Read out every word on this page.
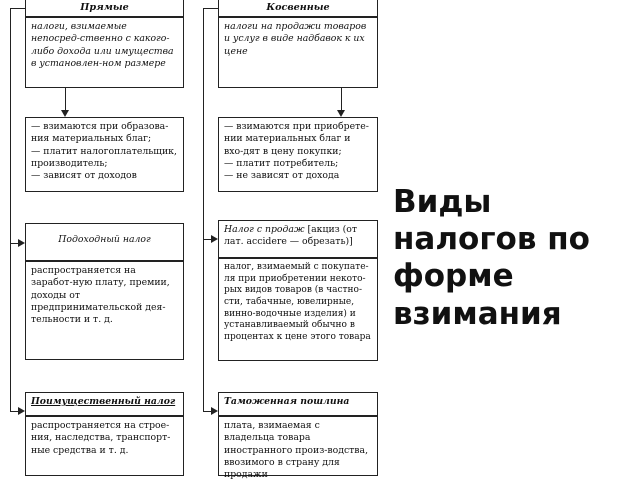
Прямые
налоги, взимаемые непосред-ственно с какого-либо дохода или имущества в установлен-ном размере
— взимаются при образова-ния материальных благ;
— платит налогоплательщик, производитель;
— зависят от доходов
Подоходный налог
распространяется на заработ-ную плату, премии, доходы от предпринимательской дея-тельности и т. д.
Поимущественный налог
распространяется на строе-ния, наследства, транспорт-ные средства и т. д.
Косвенные
налоги на продажи товаров и услуг в виде надбавок к их цене
— взимаются при приобрете-нии материальных благ и вхо-дят в цену покупки;
— платит потребитель;
— не зависят от дохода
Налог с продаж [акциз (от лат. accidere — обрезать)]
налог, взимаемый с покупате-ля при приобретении некото-рых видов товаров (в частно-сти, табачные, ювелирные, винно-водочные изделия) и устанавливаемый обычно в процентах к цене этого товара
Таможенная пошлина
плата, взимаемая с владельца товара иностранного произ-водства, ввозимого в страну для продажи
Виды
налогов по
форме
взимания
